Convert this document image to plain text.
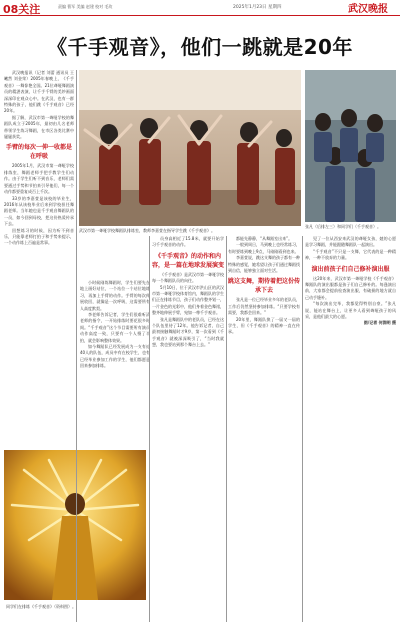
08关注	责编 曹军 美编 赵建 校对 毛玫	2025年1月23日 星期四	武汉晚报
《千手观音》，他们一跳就是20年

武汉晚报讯（记者 刘蕾 通讯员 王曦然 刘金荣）2005年春晚上，《千手观音》一舞惊艳全国。21位聋哑舞蹈演员的精湛表演，让千手千臂的美妙画面深深印在观众心中。在武汉，也有一群特殊的孩子，他们跳《千手观音》已经20年。

据了解，武汉市第一聋哑学校的舞蹈队成立于2005年，最初由几名老师带领学生练习舞蹈，在市区各类比赛中屡屡获奖。

手臂的每次一伸一收都是在呼吸

2005年1月，武汉市第一聋哑学校排练室，舞蹈老师手把手教学生们动作。由于学生们听不到音乐，老师们需要通过手势和节拍来引导他们，每一个动作都要重复成百上千次。

33岁的李嘉萱是该校的毕业生，2016年从该校毕业后来到学校担任舞蹈老师。当年她也是千手观音舞蹈队的一员，如今回到母校，把这份热爱传承下去。

回想练习的时候，因为听不到音乐，只能靠老师打拍子和手势来提示，一个动作练上百遍是常事。

小时候刚练舞蹈时，学生们要先在地上画好站位，一个站位一个站位地练习，再加上手臂的动作。手臂的每次伸展收回，就像是一次呼吸，这需要所有人高度默契。

李老师告诉记者，学生们很难听清老师的指令，一开始排练时要花很多时间。“千手观音”这个节目需要所有演员动作高度一致，只要有一个人慢了半拍，就会影响整体效果。

如今舞蹈队已经发展成为一支有近40人的队伍，成员中有在校学生，也有已经毕业参加工作的学生，他们都愿意回来参加排练。

武汉市第一聋哑学校舞蹈队排练室，教师李嘉萱在指导学生跳《千手观音》。
张凡（后排左三）和同学们（千手观音）。
同学们在排练《千手观音》（资料图）。

员身高相近了15.8米，就要开始学习千手观音的动作。

《千手观音》的动作和内容，是一篇在地球发展演变

《千手观音》是武汉市第一聋哑学校每一个舞蹈队员的向往。

5月10日，位于武汉市洪山区的武汉市第一聋哑学校体育馆内，舞蹈队的学生们正在排练节目，孩子们动作整齐划一，一片金色的光彩中，他们身着金色舞裙，整齐地伸展手臂，宛如一尊千手观音。

张凡是舞蹈队中的老队员，已经在这个队伍里待了12年。他告诉记者，自己最初接触舞蹈时才9岁，第一次看到《千手观音》就被深深吸引了，“当时我就想，我也要站到那个舞台上去。”

都能先静静，“从舞蹈室出来”。

一般到周日，马到晚上也经常练习，有时要练到晚上9点，马刚刚看到也来。

李嘉萱说，跳这支舞的孩子都有一种特殊的感觉，她希望让孩子们通过舞蹈找到自信，能够独立面对生活。

跳这支舞，期待着把这份传承下去

张凡是一位已经毕业多年的老队员，工作后仍然坚持参加排练。“只要学校有需要，我都会回来。”

20年里，舞蹈队换了一届又一届的学生，但《千手观音》的精神一直在传承。

见了一位从西安来武汉的聋哑女孩，她的心愿是学习舞蹈，并能跟随舞蹈队一起演出。

“千手观音”不只是一支舞，它代表的是一种精神，一种不放弃的力量。

演出前孩子们自己修补演出服

这20年来，武汉市第一聋哑学校《千手观音》舞蹈队的演出服都是孩子们自己修补的。每逢演出前，大家都会提前检查演出服，有破损的地方就自己动手缝补。

“每次演出完毕，我都觉得特别自豪。”张凡说，能站在舞台上，让更多人看到聋哑孩子的风采，是他们最大的心愿。

图/记者 何润明 摄
